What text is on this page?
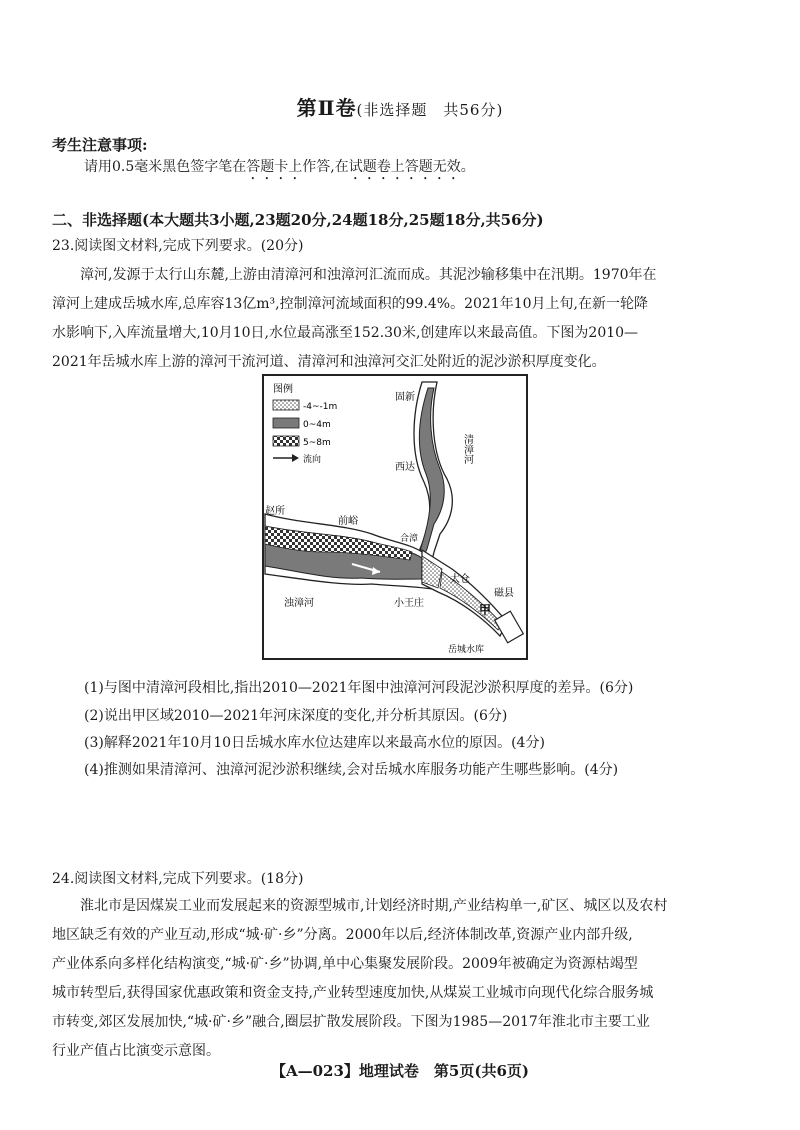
第Ⅱ卷(非选择题　共56分)
考生注意事项:
请用0.5毫米黑色签字笔在答题卡上作答,在试题卷上答题无效。
二、非选择题(本大题共3小题,23题20分,24题18分,25题18分,共56分)
23.阅读图文材料,完成下列要求。(20分)
漳河,发源于太行山东麓,上游由清漳河和浊漳河汇流而成。其泥沙输移集中在汛期。1970年在
漳河上建成岳城水库,总库容13亿m³,控制漳河流域面积的99.4%。2021年10月上旬,在新一轮降
水影响下,入库流量增大,10月10日,水位最高涨至152.30米,创建库以来最高值。下图为2010—
2021年岳城水库上游的漳河干流河道、清漳河和浊漳河交汇处附近的泥沙淤积厚度变化。
图例
-4~-1m
0~4m
5~8m
流向
固新
清漳河
西达
赵所
前峪
合漳
浊漳河	小王庄
太仓
磁县
甲
岳城水库
(1)与图中清漳河段相比,指出2010—2021年图中浊漳河河段泥沙淤积厚度的差异。(6分)
(2)说出甲区域2010—2021年河床深度的变化,并分析其原因。(6分)
(3)解释2021年10月10日岳城水库水位达建库以来最高水位的原因。(4分)
(4)推测如果清漳河、浊漳河泥沙淤积继续,会对岳城水库服务功能产生哪些影响。(4分)
24.阅读图文材料,完成下列要求。(18分)
淮北市是因煤炭工业而发展起来的资源型城市,计划经济时期,产业结构单一,矿区、城区以及农村
地区缺乏有效的产业互动,形成“城·矿·乡”分离。2000年以后,经济体制改革,资源产业内部升级,
产业体系向多样化结构演变,“城·矿·乡”协调,单中心集聚发展阶段。2009年被确定为资源枯竭型
城市转型后,获得国家优惠政策和资金支持,产业转型速度加快,从煤炭工业城市向现代化综合服务城
市转变,郊区发展加快,“城·矿·乡”融合,圈层扩散发展阶段。下图为1985—2017年淮北市主要工业
行业产值占比演变示意图。
【A—023】地理试卷　第5页(共6页)
